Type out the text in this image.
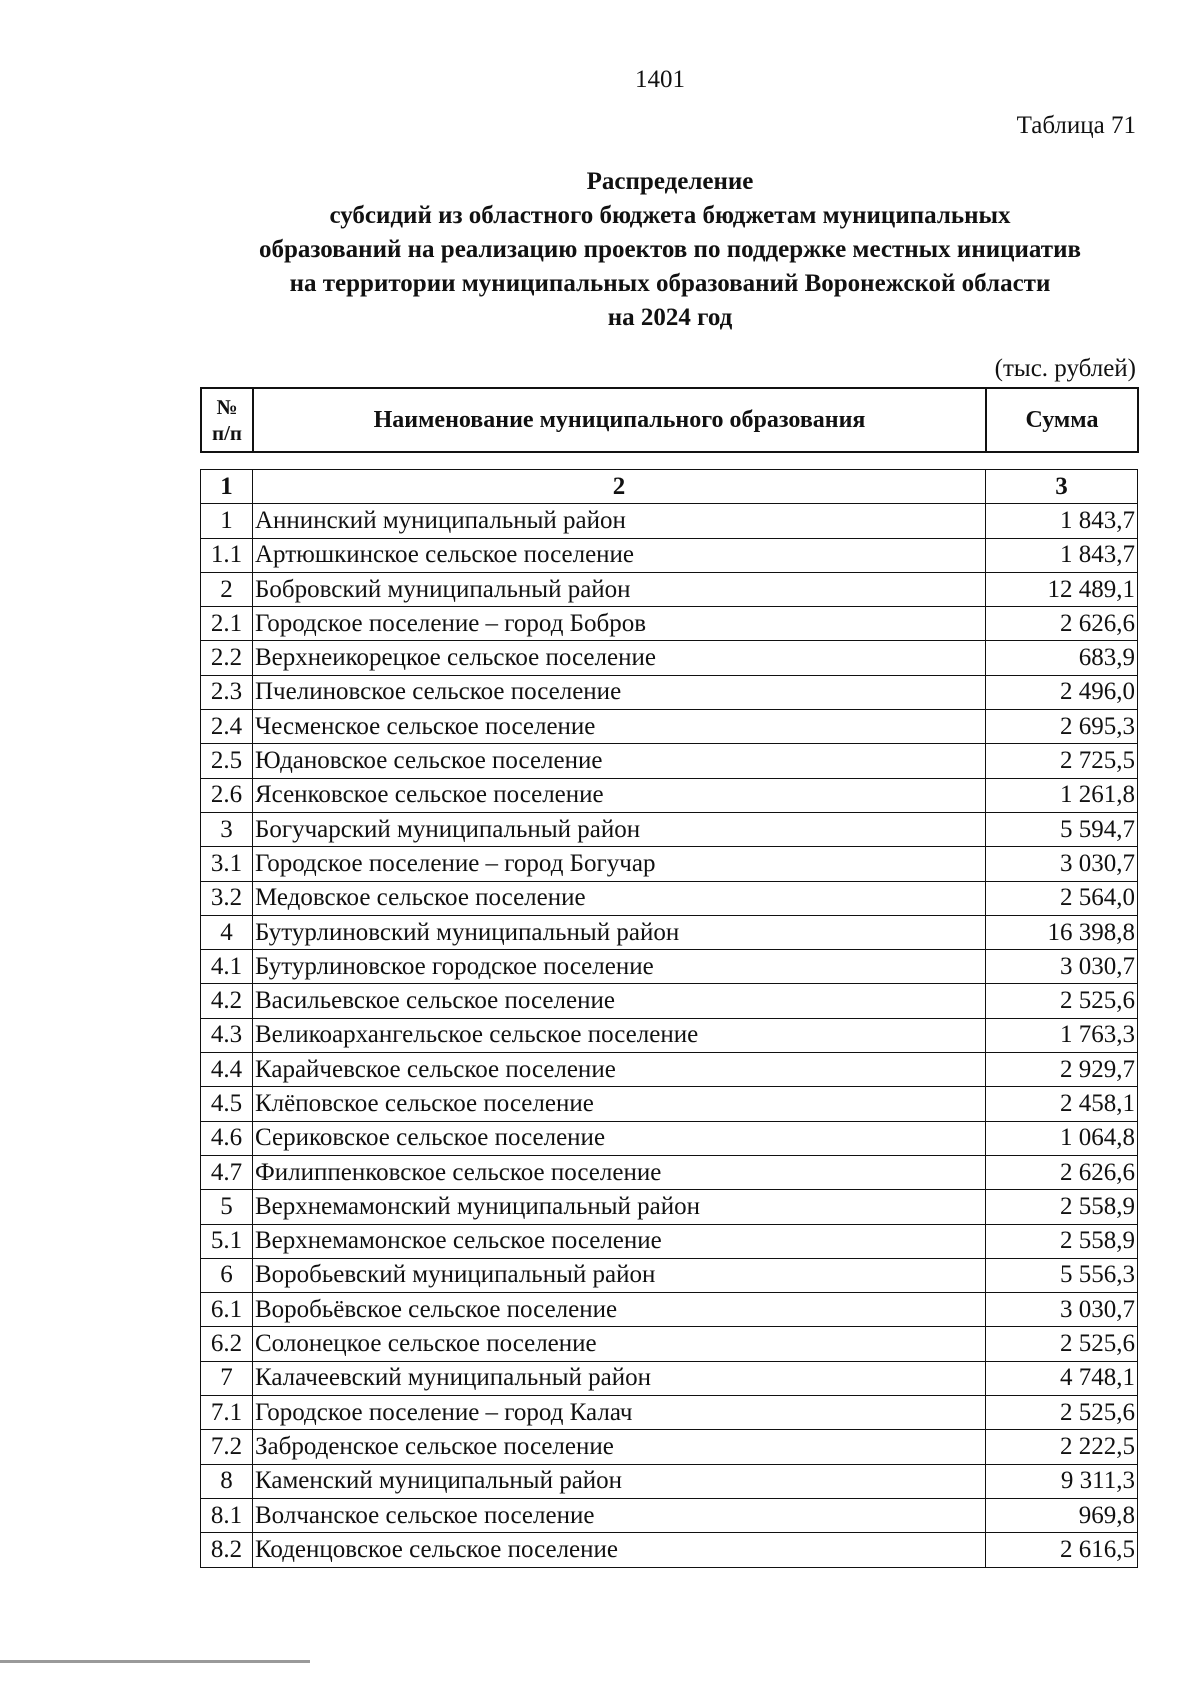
1401
Таблица 71
Распределение
субсидий из областного бюджета бюджетам муниципальных
образований на реализацию проектов по поддержке местных инициатив
на территории муниципальных образований Воронежской области
на 2024 год
(тыс. рублей)
№
п/п
	Наименование муниципального образования	Сумма
1	2	3
1	Аннинский муниципальный район	1 843,7
1.1	Артюшкинское сельское поселение	1 843,7
2	Бобровский муниципальный район	12 489,1
2.1	Городское поселение – город Бобров	2 626,6
2.2	Верхнеикорецкое сельское поселение	683,9
2.3	Пчелиновское сельское поселение	2 496,0
2.4	Чесменское сельское поселение	2 695,3
2.5	Юдановское сельское поселение	2 725,5
2.6	Ясенковское сельское поселение	1 261,8
3	Богучарский муниципальный район	5 594,7
3.1	Городское поселение – город Богучар	3 030,7
3.2	Медовское сельское поселение	2 564,0
4	Бутурлиновский муниципальный район	16 398,8
4.1	Бутурлиновское городское поселение	3 030,7
4.2	Васильевское сельское поселение	2 525,6
4.3	Великоархангельское сельское поселение	1 763,3
4.4	Карайчевское сельское поселение	2 929,7
4.5	Клёповское сельское поселение	2 458,1
4.6	Сериковское сельское поселение	1 064,8
4.7	Филиппенковское сельское поселение	2 626,6
5	Верхнемамонский муниципальный район	2 558,9
5.1	Верхнемамонское сельское поселение	2 558,9
6	Воробьевский муниципальный район	5 556,3
6.1	Воробьёвское сельское поселение	3 030,7
6.2	Солонецкое сельское поселение	2 525,6
7	Калачеевский муниципальный район	4 748,1
7.1	Городское поселение – город Калач	2 525,6
7.2	Заброденское сельское поселение	2 222,5
8	Каменский муниципальный район	9 311,3
8.1	Волчанское сельское поселение	969,8
8.2	Коденцовское сельское поселение	2 616,5
